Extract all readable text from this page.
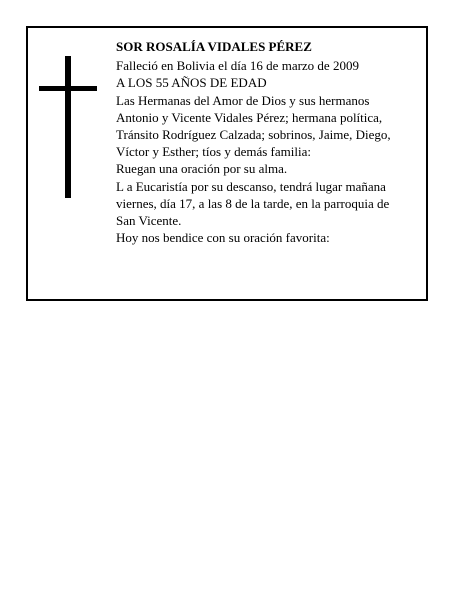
SOR ROSALÍA VIDALES PÉREZ
Falleció en Bolivia el día 16 de marzo de 2009
A LOS 55 AÑOS DE EDAD
Las Hermanas del Amor de Dios y sus hermanos
Antonio y Vicente Vidales Pérez; hermana política,
Tránsito Rodríguez Calzada; sobrinos, Jaime, Diego,
Víctor y Esther; tíos y demás familia:
Ruegan una oración por su alma.
L a Eucaristía por su descanso, tendrá lugar mañana
viernes, día 17, a las 8 de la tarde, en la parroquia de
San Vicente.
Hoy nos bendice con su oración favorita:
